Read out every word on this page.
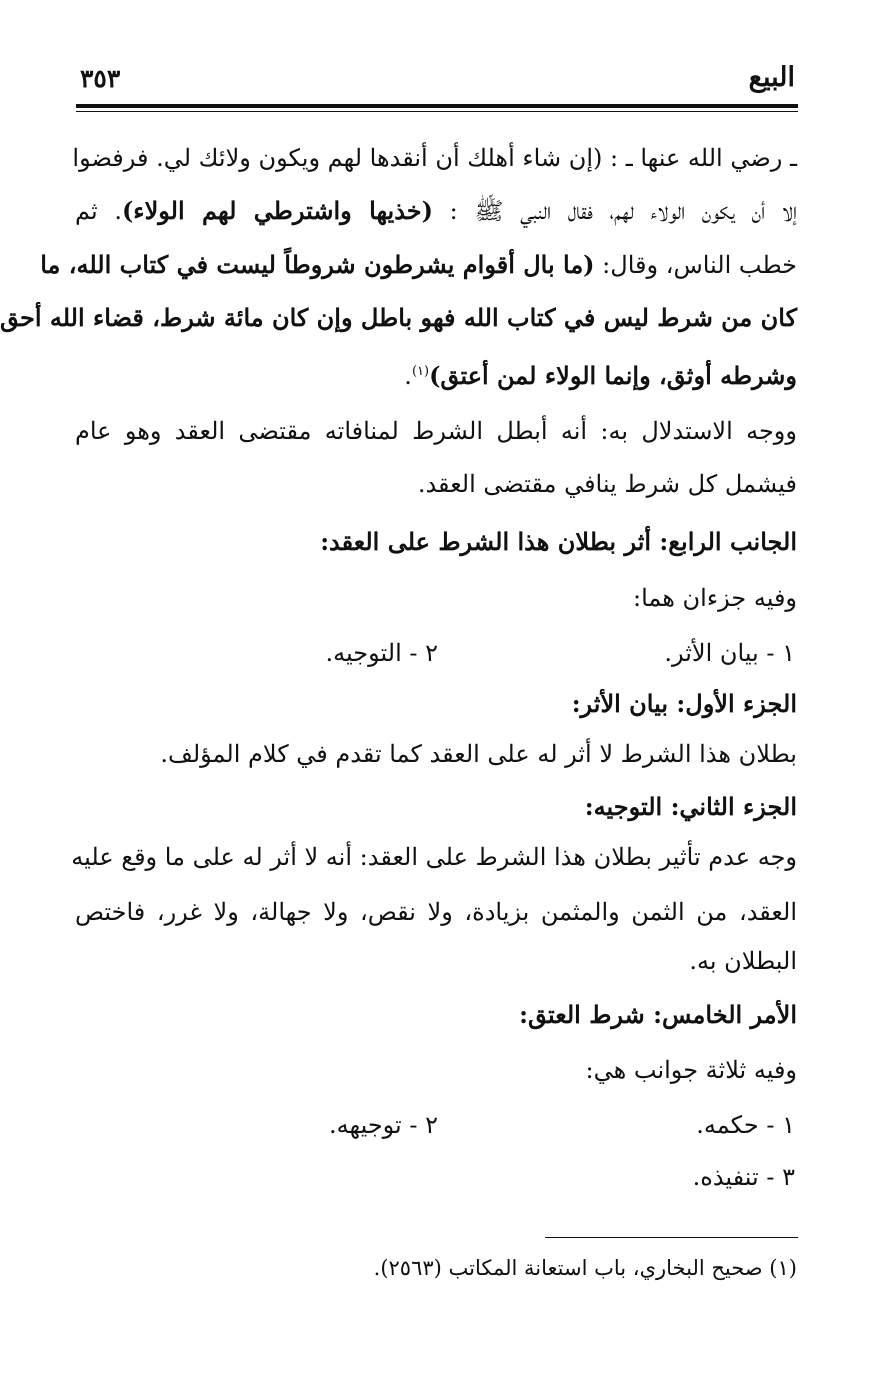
البيع
٣٥٣
ـ رضي الله عنها ـ : (إن شاء أهلك أن أنقدها لهم ويكون ولائك لي. فرفضوا
إلا أن يكون الولاء لهم، فقال النبي ﷺ : (خذيها واشترطي لهم الولاء). ثم
خطب الناس، وقال: (ما بال أقوام يشرطون شروطاً ليست في كتاب الله، ما
كان من شرط ليس في كتاب الله فهو باطل وإن كان مائة شرط، قضاء الله أحق
وشرطه أوثق، وإنما الولاء لمن أعتق)$^{(١)}$.
ووجه الاستدلال به: أنه أبطل الشرط لمنافاته مقتضى العقد وهو عام
فيشمل كل شرط ينافي مقتضى العقد.
الجانب الرابع: أثر بطلان هذا الشرط على العقد:
وفيه جزءان هما:
١ - بيان الأثر.
٢ - التوجيه.
الجزء الأول: بيان الأثر:
بطلان هذا الشرط لا أثر له على العقد كما تقدم في كلام المؤلف.
الجزء الثاني: التوجيه:
وجه عدم تأثير بطلان هذا الشرط على العقد: أنه لا أثر له على ما وقع عليه
العقد، من الثمن والمثمن بزيادة، ولا نقص، ولا جهالة، ولا غرر، فاختص
البطلان به.
الأمر الخامس: شرط العتق:
وفيه ثلاثة جوانب هي:
١ - حكمه.
٢ - توجيهه.
٣ - تنفيذه.
(١) صحيح البخاري، باب استعانة المكاتب (٢٥٦٣).
